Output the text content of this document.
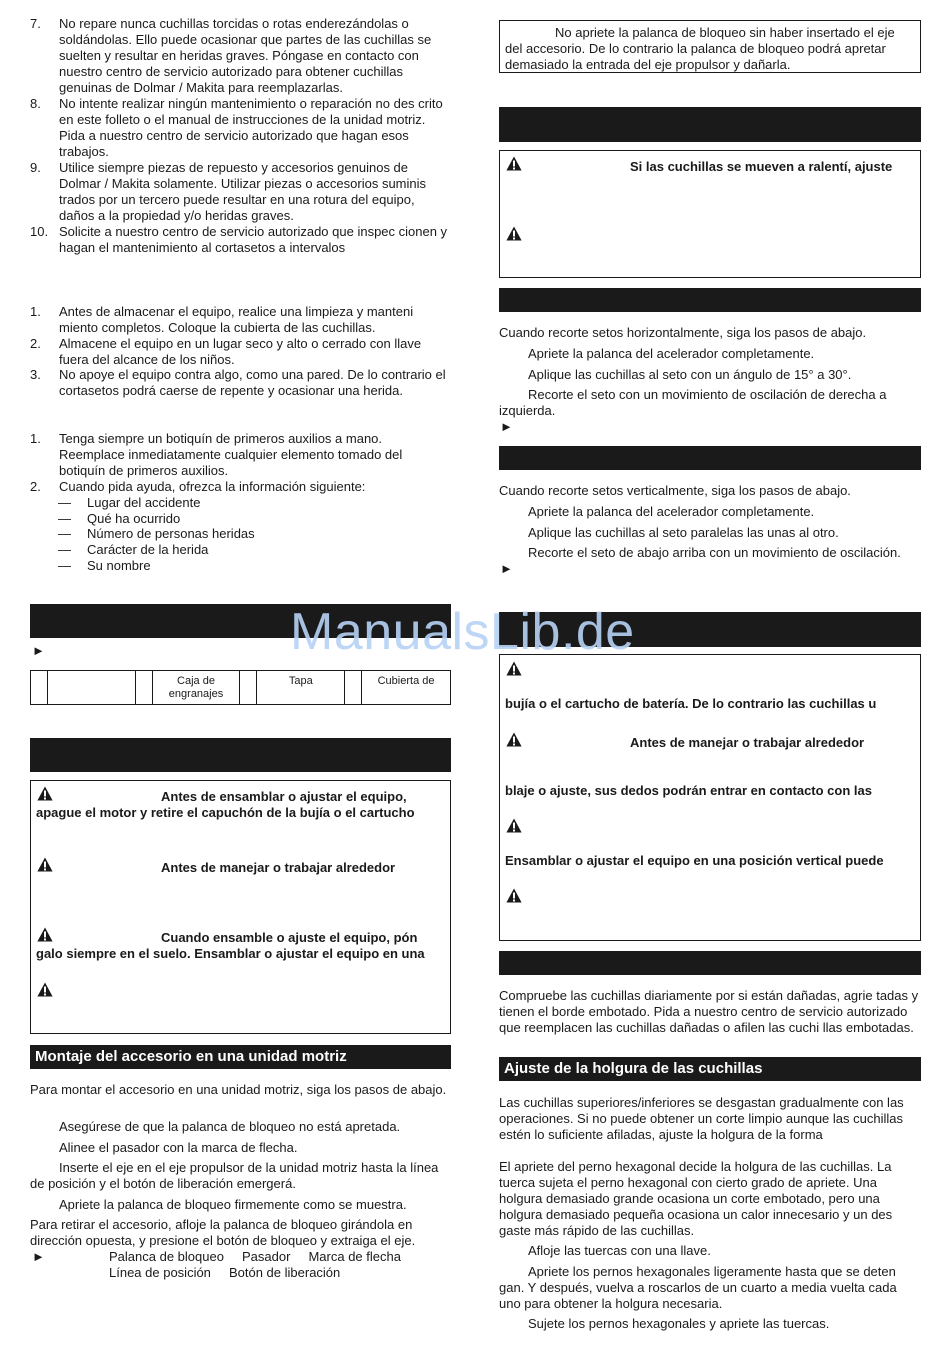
7. No repare nunca cuchillas torcidas o rotas enderezándolas o soldándolas. Ello puede ocasionar que partes de las cuchillas se suelten y resultar en heridas graves. Póngase en contacto con nuestro centro de servicio autorizado para obtener cuchillas genuinas de Dolmar / Makita para reemplazarlas.
8. No intente realizar ningún mantenimiento o reparación no des crito en este folleto o el manual de instrucciones de la unidad motriz. Pida a nuestro centro de servicio autorizado que hagan esos trabajos.
9. Utilice siempre piezas de repuesto y accesorios genuinos de Dolmar / Makita solamente. Utilizar piezas o accesorios suminis trados por un tercero puede resultar en una rotura del equipo, daños a la propiedad y/o heridas graves.
10. Solicite a nuestro centro de servicio autorizado que inspec cionen y hagan el mantenimiento al cortasetos a intervalos
1. Antes de almacenar el equipo, realice una limpieza y manteni miento completos. Coloque la cubierta de las cuchillas.
2. Almacene el equipo en un lugar seco y alto o cerrado con llave fuera del alcance de los niños.
3. No apoye el equipo contra algo, como una pared. De lo contrario el cortasetos podrá caerse de repente y ocasionar una herida.
1. Tenga siempre un botiquín de primeros auxilios a mano. Reemplace inmediatamente cualquier elemento tomado del botiquín de primeros auxilios.
2. Cuando pida ayuda, ofrezca la información siguiente:
— Lugar del accidente
— Qué ha ocurrido
— Número de personas heridas
— Carácter de la herida
— Su nombre
►
			Caja de engranajes		Tapa		Cubierta de
Antes de ensamblar o ajustar el equipo, apague el motor y retire el capuchón de la bujía o el cartucho
Antes de manejar o trabajar alrededor
Cuando ensamble o ajuste el equipo, pón galo siempre en el suelo. Ensamblar o ajustar el equipo en una
Montaje del accesorio en una unidad motriz
Para montar el accesorio en una unidad motriz, siga los pasos de abajo.
Asegúrese de que la palanca de bloqueo no está apretada.
Alinee el pasador con la marca de flecha.
Inserte el eje en el eje propulsor de la unidad motriz hasta la línea de posición y el botón de liberación emergerá.
Apriete la palanca de bloqueo firmemente como se muestra.
Para retirar el accesorio, afloje la palanca de bloqueo girándola en dirección opuesta, y presione el botón de bloqueo y extraiga el eje.
►	Palanca de bloqueo     Pasador     Marca de flecha
Línea de posición     Botón de liberación
No apriete la palanca de bloqueo sin haber insertado el eje del accesorio. De lo contrario la palanca de bloqueo podrá apretar demasiado la entrada del eje propulsor y dañarla.
Si las cuchillas se mueven a ralentí, ajuste
Cuando recorte setos horizontalmente, siga los pasos de abajo.
Apriete la palanca del acelerador completamente.
Aplique las cuchillas al seto con un ángulo de 15° a 30°.
Recorte el seto con un movimiento de oscilación de derecha a izquierda.
►
Cuando recorte setos verticalmente, siga los pasos de abajo.
Apriete la palanca del acelerador completamente.
Aplique las cuchillas al seto paralelas las unas al otro.
Recorte el seto de abajo arriba con un movimiento de oscilación.
►
bujía o el cartucho de batería. De lo contrario las cuchillas u
Antes de manejar o trabajar alrededor
blaje o ajuste, sus dedos podrán entrar en contacto con las
Ensamblar o ajustar el equipo en una posición vertical puede
Compruebe las cuchillas diariamente por si están dañadas, agrie tadas y tienen el borde embotado. Pida a nuestro centro de servicio autorizado que reemplacen las cuchillas dañadas o afilen las cuchi llas embotadas.
Ajuste de la holgura de las cuchillas
Las cuchillas superiores/inferiores se desgastan gradualmente con las operaciones. Si no puede obtener un corte limpio aunque las cuchillas estén lo suficiente afiladas, ajuste la holgura de la forma
El apriete del perno hexagonal decide la holgura de las cuchillas. La tuerca sujeta el perno hexagonal con cierto grado de apriete. Una holgura demasiado grande ocasiona un corte embotado, pero una holgura demasiado pequeña ocasiona un calor innecesario y un des gaste más rápido de las cuchillas.
Afloje las tuercas con una llave.
Apriete los pernos hexagonales ligeramente hasta que se deten gan. Y después, vuelva a roscarlos de un cuarto a media vuelta cada uno para obtener la holgura necesaria.
Sujete los pernos hexagonales y apriete las tuercas.
ManualsLib.de
